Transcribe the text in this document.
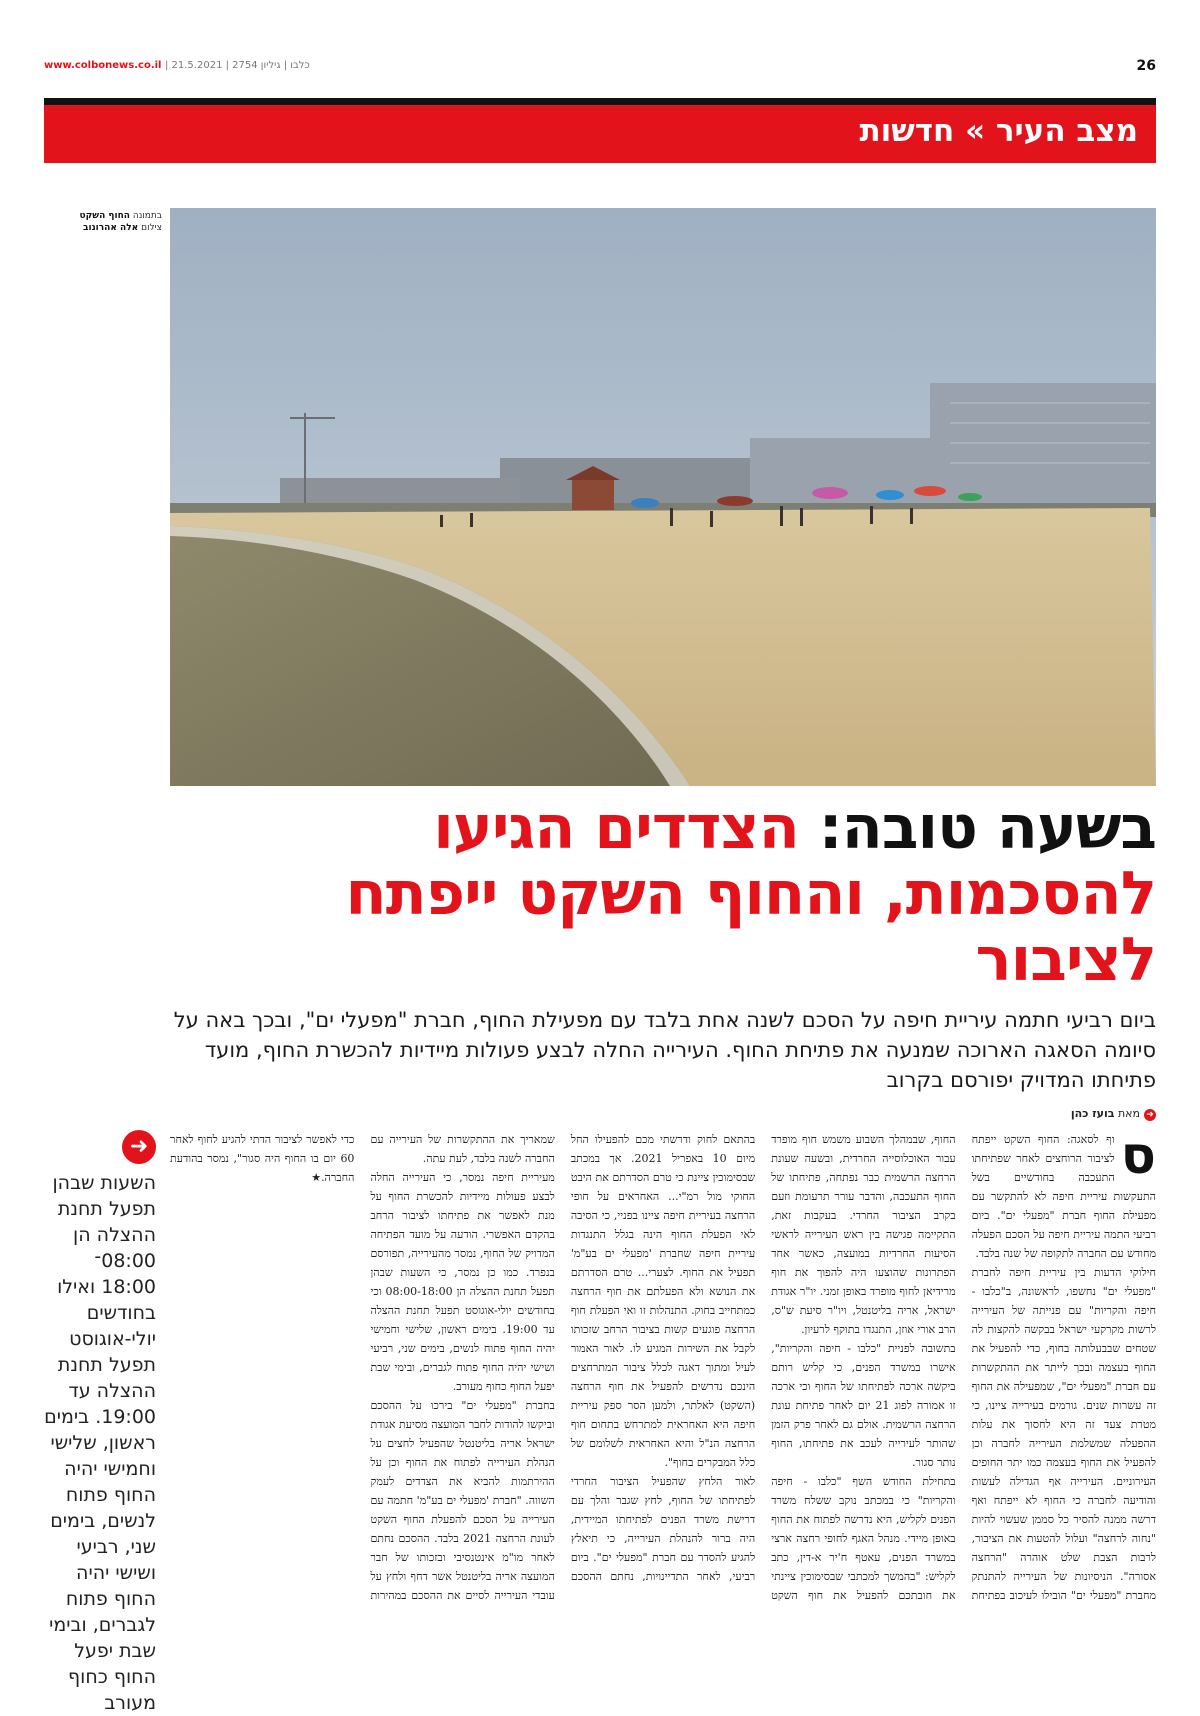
www.colbonews.co.il | כלבו | גיליון 2754 | 21.5.2021	26
מצב העיר » חדשות
בתמונה החוף השקט
צילום אלה אהרונוב
בשעה טובה: הצדדים הגיעו להסכמות, והחוף השקט ייפתח לציבור
ביום רביעי חתמה עיריית חיפה על הסכם לשנה אחת בלבד עם מפעילת החוף, חברת "מפעלי ים", ובכך באה על סיומה הסאגה הארוכה שמנעה את פתיחת החוף. העירייה החלה לבצע פעולות מיידיות להכשרת החוף, מועד פתיחתו המדויק יפורסם בקרוב
➜מאת בועז כהן

ס
וף לסאגה: החוף השקט ייפתח לציבור הרוחצים לאחר שפתיחתו התעכבה בחודשיים בשל התעקשות עיריית חיפה לא להתקשר עם מפעילת החוף חברת "מפעלי ים". ביום רביעי התמה עיריית חיפה על הסכם הפעלה מחודש עם החברה לתקופה של שנה בלבד.

חילוקי הדעות בין עיריית חיפה לחברת "מפעלי ים" נחשפו, לראשונה, ב"כלבו - חיפה והקריות" עם פנייתה של העירייה לרשות מקרקעי ישראל בבקשה להקצות לה שטחים שבבעלותה בחוף, כדי להפעיל את החוף בעצמה ובכך לייתר את ההתקשרות עם חברת "מפעלי ים", שמפעילה את החוף זה עשרות שנים. גורמים בעירייה ציינו, כי מטרת צעד זה היא לחסוך את עלות ההפעלה שמשלמת העירייה לחברה וכן להפעיל את החוף בעצמה כמו יתר החופים העירוניים. העירייה אף הגדילה לעשות והודיעה לחברה כי החוף לא ייפתח ואף דרשה ממנה להסיר כל סממן שעשוי להיות "נחוה לרחצה" ועלול להטעות את הציבור, לרבות הצבת שלט אוהרה "הרחצה אסורה". הניסיונות של העירייה להתנתק מחברת "מפעלי ים" הובילו לעיכוב בפתיחת החוף, שבמהלך השבוע משמש חוף מופרד עבור האוכלוסייה החרדית, ובשעה שעונת הרחצה הרשמית כבר נפתחה, פתיחתו של החוף התעכבה, והדבר עורר תרעומת וזעם בקרב הציבור החרדי. בעקבות זאת, התקיימה פגישה בין ראש העירייה לראשי הסיעות החרדיות במועצה, כאשר אחד הפתרונות שהוצעו היה להפוך את חוף מרידיאן לחוף מופרד באופן זמני. יו"ר אגודת ישראל, אריה בליטנטל, ויו"ר סיעת ש"ס, הרב אורי אוזן, התנגדו בתוקף לרעיון.

בתשובה לפניית "כלבו - חיפה והקריות", אישרו במשרד הפנים, כי קליש רותם ביקשה ארכה לפתיחתו של החוף וכי ארכה זו אמורה לפוג 21 יום לאחר פתיחת עונת הרחצה הרשמית. אולם גם לאחר פרק הזמן שהותר לעירייה לעכב את פתיחתו, החוף נותר סגור.

בתחילת החודש השף "כלבו - חיפה והקריות" כי במכתב נוקב ששלח משרד הפנים לקליש, היא נדרשה לפתוח את החוף באופן מיידי. מנהל האגף לחופי רחצה ארצי במשרד הפנים, עאטף ח'יר א-דין, כתב לקליש: "בהמשך למכתבי שבסימוכין ציינתי את חובתכם להפעיל את חוף השקט בהתאם לחוק ודרשתי מכם להפעילו החל מיום 10 באפריל 2021. אך במכתב שבסימוכין ציינת כי טרם הסדרתם את היבט החוקי מול רמ"י... האחראים על חופי הרחצה בעיריית חיפה ציינו בפניי, כי הסיבה לאי הפעלת החוף הינה בגלל התנגדות עיריית חיפה שחברת 'מפעלי ים בע"מ' תפעיל את החוף. לצערי... טרם הסדרתם את הנושא ולא הפעלתם את חוף הרחצה כמתחייב בחוק. התנהלות זו ואי הפעלת חוף הרחצה פוגעים קשות בציבור הרחב שזכותו לקבל את השירות המגיע לו. לאור האמור לעיל ומתוך דאגה לכלל ציבור המתרחצים הינכם נדרשים להפעיל את חוף הרחצה (השקט) לאלתר, ולמען הסר ספק עיריית חיפה היא האחראית למתרחש בתחום חוף הרחצה הנ"ל והיא האחראית לשלומם של כלל המבקרים בחוף".

לאור הלחץ שהפעיל הציבור החרדי לפתיחתו של החוף, לחץ שגבר והלך עם דרישת משרד הפנים לפתיחתו המיידית, היה ברור להנהלת העירייה, כי תיאלץ להגיע להסדר עם חברת "מפעלי ים". ביום רביעי, לאחר התדיינויות, נחתם ההסכם שמאריך את ההתקשרות של העירייה עם החברה לשנה בלבד, לעת עתה.

מעיריית חיפה נמסר, כי העירייה החלה לבצע פעולות מיידיות להכשרת החוף על מנת לאפשר את פתיחתו לציבור הרחב בהקדם האפשרי. הודעה על מועד הפתיחה המדויק של החוף, נמסר מהעירייה, תפורסם בנפרד. כמו כן נמסר, כי השעות שבהן תפעל תחנת ההצלה הן 08:00-18:00 וכי בחודשים יולי-אוגוסט תפעל תחנת ההצלה עד 19:00. בימים ראשון, שלישי וחמישי יהיה החוף פתוח לנשים, בימים שני, רביעי ושישי יהיה החוף פתוח לגברים, ובימי שבת יפעל החוף כחוף מעורב.

בחברת "מפעלי ים" בירכו על ההסכם וביקשו להודות לחבר המועצה מסיעת אגודת ישראל אריה בליטנטל שהפעיל לחצים על הנהלת העירייה לפתוח את החוף וכן על ההירתמות להביא את הצדדים לעמק השווה. "חברת 'מפעלי ים בע"מ' חתמה עם העירייה על הסכם להפעלת החוף השקט לעונת הרחצה 2021 בלבד. ההסכם נחתם לאחר מו"מ אינטנסיבי ובזכותו של חבר המועצה אריה בליטנטל אשר דחף ולחץ על עובדי העירייה לסיים את ההסכם במהירות כדי לאפשר לציבור הדתי להגיע לחוף לאחר 60 יום בו החוף היה סגור", נמסר בהודעת החברה.★

➜
השעות שבהן תפעל תחנת ההצלה הן 08:00־18:00 ואילו בחודשים יולי-אוגוסט תפעל תחנת ההצלה עד 19:00. בימים ראשון, שלישי וחמישי יהיה החוף פתוח לנשים, בימים שני, רביעי ושישי יהיה החוף פתוח לגברים, ובימי שבת יפעל החוף כחוף מעורב
